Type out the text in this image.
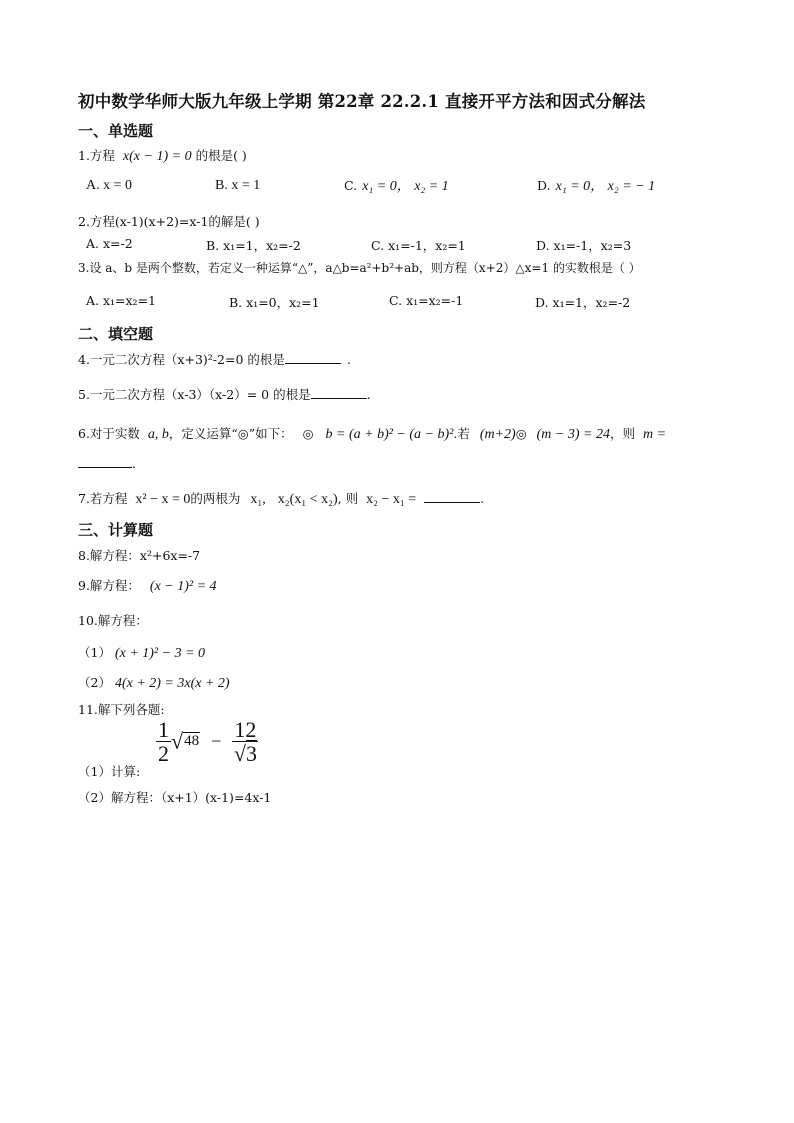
初中数学华师大版九年级上学期 第22章 22.2.1 直接开平方法和因式分解法
一、单选题
1.方程 x(x − 1) = 0 的根是( )
A. x = 0	B. x = 1	C. x₁ = 0， x₂ = 1	D. x₁ = 0， x₂ = − 1
2.方程(x-1)(x+2)=x-1的解是( )
A. x=-2	B. x₁=1，x₂=-2	C. x₁=-1，x₂=1	D. x₁=-1，x₂=3
3.设 a、b 是两个整数，若定义一种运算“△”，a△b=a²+b²+ab，则方程（x+2）△x=1 的实数根是（ ）
A. x₁=x₂=1	B. x₁=0，x₂=1	C. x₁=x₂=-1	D. x₁=1，x₂=-2
二、填空题
4.一元二次方程（x+3)²-2=0 的根是	.
5.一元二次方程（x-3）（x-2）= 0 的根是	.
6.对于实数 a, b，定义运算“◎”如下： ◎ b = (a + b)² − (a − b)².若 (m+2)◎ (m − 3) = 24，则 m =
.
7.若方程 x² − x = 0的两根为 x₁, x₂(x₁ < x₂), 则 x₂ − x₁ =	.
三、计算题
8.解方程：x²+6x=-7
9.解方程： (x − 1)² = 4
10.解方程：
（1） (x + 1)² − 3 = 0
（2） 4(x + 2) = 3x(x + 2)
11.解下列各题:
$\frac{1}{2} √48 - \frac{12}{√3}$
（1）计算:
（2）解方程：（x+1）(x-1)=4x-1
